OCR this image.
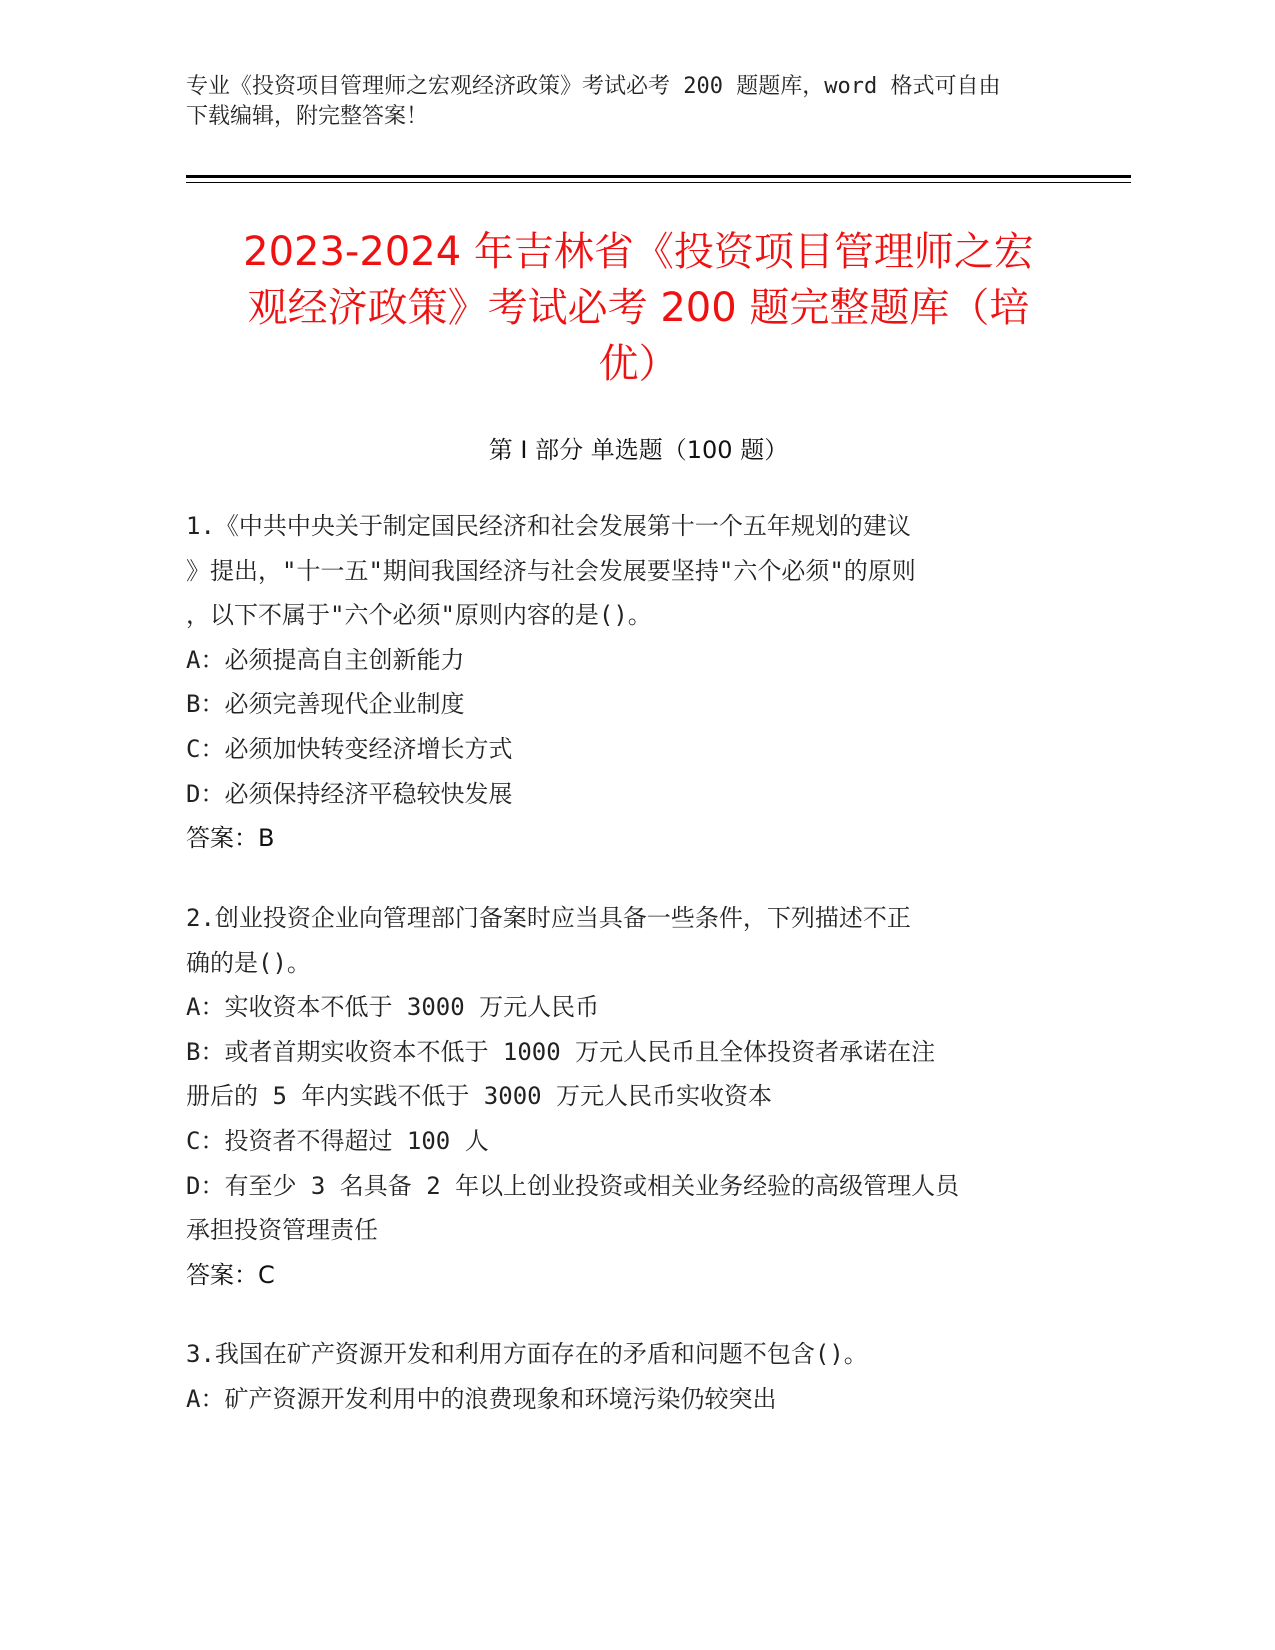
专业《投资项目管理师之宏观经济政策》考试必考 200 题题库，word 格式可自由
下载编辑，附完整答案！
2023-2024 年吉林省《投资项目管理师之宏
观经济政策》考试必考 200 题完整题库（培
优）
第 I 部分 单选题（100 题）
1.《中共中央关于制定国民经济和社会发展第十一个五年规划的建议
》提出，"十一五"期间我国经济与社会发展要坚持"六个必须"的原则
，以下不属于"六个必须"原则内容的是()。
A：必须提高自主创新能力
B：必须完善现代企业制度
C：必须加快转变经济增长方式
D：必须保持经济平稳较快发展
答案：B
2.创业投资企业向管理部门备案时应当具备一些条件，下列描述不正
确的是()。
A：实收资本不低于 3000 万元人民币
B：或者首期实收资本不低于 1000 万元人民币且全体投资者承诺在注
册后的 5 年内实践不低于 3000 万元人民币实收资本
C：投资者不得超过 100 人
D：有至少 3 名具备 2 年以上创业投资或相关业务经验的高级管理人员
承担投资管理责任
答案：C
3.我国在矿产资源开发和利用方面存在的矛盾和问题不包含()。
A：矿产资源开发利用中的浪费现象和环境污染仍较突出
